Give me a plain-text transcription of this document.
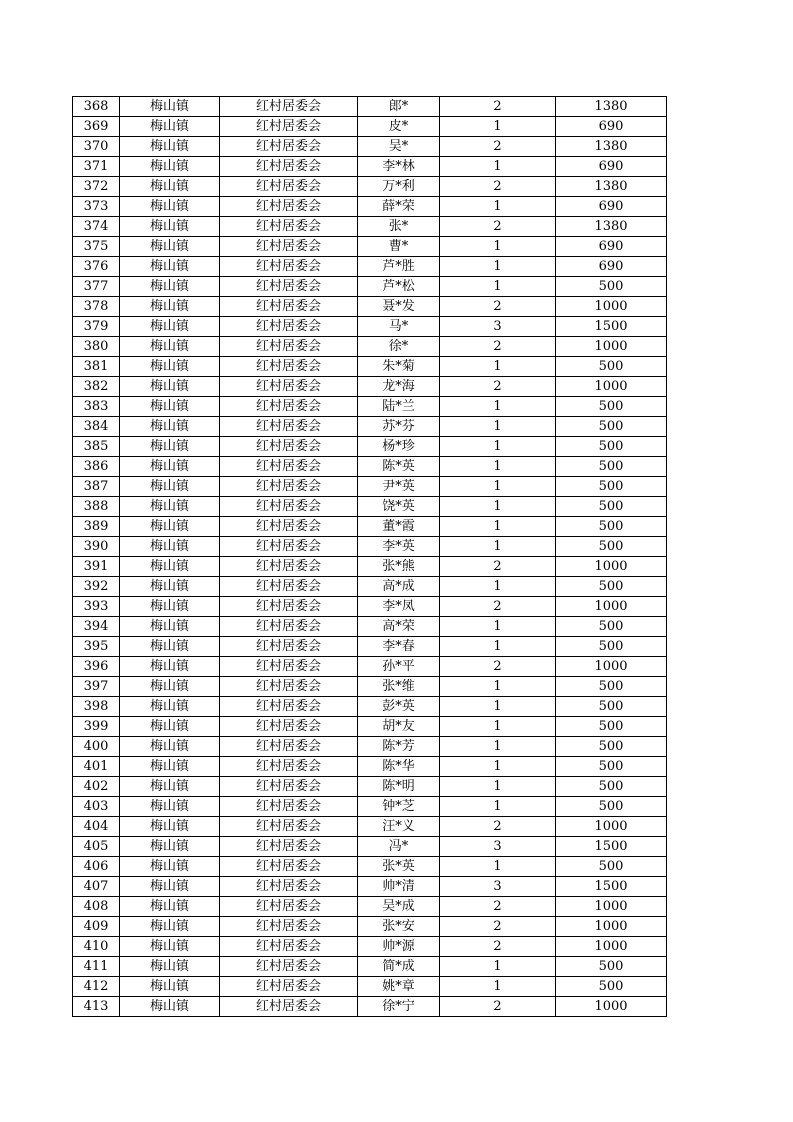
368	梅山镇	红村居委会	郎*	2	1380
369	梅山镇	红村居委会	皮*	1	690
370	梅山镇	红村居委会	吴*	2	1380
371	梅山镇	红村居委会	李*林	1	690
372	梅山镇	红村居委会	万*利	2	1380
373	梅山镇	红村居委会	薛*荣	1	690
374	梅山镇	红村居委会	张*	2	1380
375	梅山镇	红村居委会	曹*	1	690
376	梅山镇	红村居委会	芦*胜	1	690
377	梅山镇	红村居委会	芦*松	1	500
378	梅山镇	红村居委会	聂*发	2	1000
379	梅山镇	红村居委会	马*	3	1500
380	梅山镇	红村居委会	徐*	2	1000
381	梅山镇	红村居委会	朱*菊	1	500
382	梅山镇	红村居委会	龙*海	2	1000
383	梅山镇	红村居委会	陆*兰	1	500
384	梅山镇	红村居委会	苏*芬	1	500
385	梅山镇	红村居委会	杨*珍	1	500
386	梅山镇	红村居委会	陈*英	1	500
387	梅山镇	红村居委会	尹*英	1	500
388	梅山镇	红村居委会	饶*英	1	500
389	梅山镇	红村居委会	董*霞	1	500
390	梅山镇	红村居委会	李*英	1	500
391	梅山镇	红村居委会	张*熊	2	1000
392	梅山镇	红村居委会	高*成	1	500
393	梅山镇	红村居委会	李*凤	2	1000
394	梅山镇	红村居委会	高*荣	1	500
395	梅山镇	红村居委会	李*春	1	500
396	梅山镇	红村居委会	孙*平	2	1000
397	梅山镇	红村居委会	张*维	1	500
398	梅山镇	红村居委会	彭*英	1	500
399	梅山镇	红村居委会	胡*友	1	500
400	梅山镇	红村居委会	陈*芳	1	500
401	梅山镇	红村居委会	陈*华	1	500
402	梅山镇	红村居委会	陈*明	1	500
403	梅山镇	红村居委会	钟*芝	1	500
404	梅山镇	红村居委会	汪*义	2	1000
405	梅山镇	红村居委会	冯*	3	1500
406	梅山镇	红村居委会	张*英	1	500
407	梅山镇	红村居委会	帅*清	3	1500
408	梅山镇	红村居委会	吴*成	2	1000
409	梅山镇	红村居委会	张*安	2	1000
410	梅山镇	红村居委会	帅*源	2	1000
411	梅山镇	红村居委会	简*成	1	500
412	梅山镇	红村居委会	姚*章	1	500
413	梅山镇	红村居委会	徐*宁	2	1000
